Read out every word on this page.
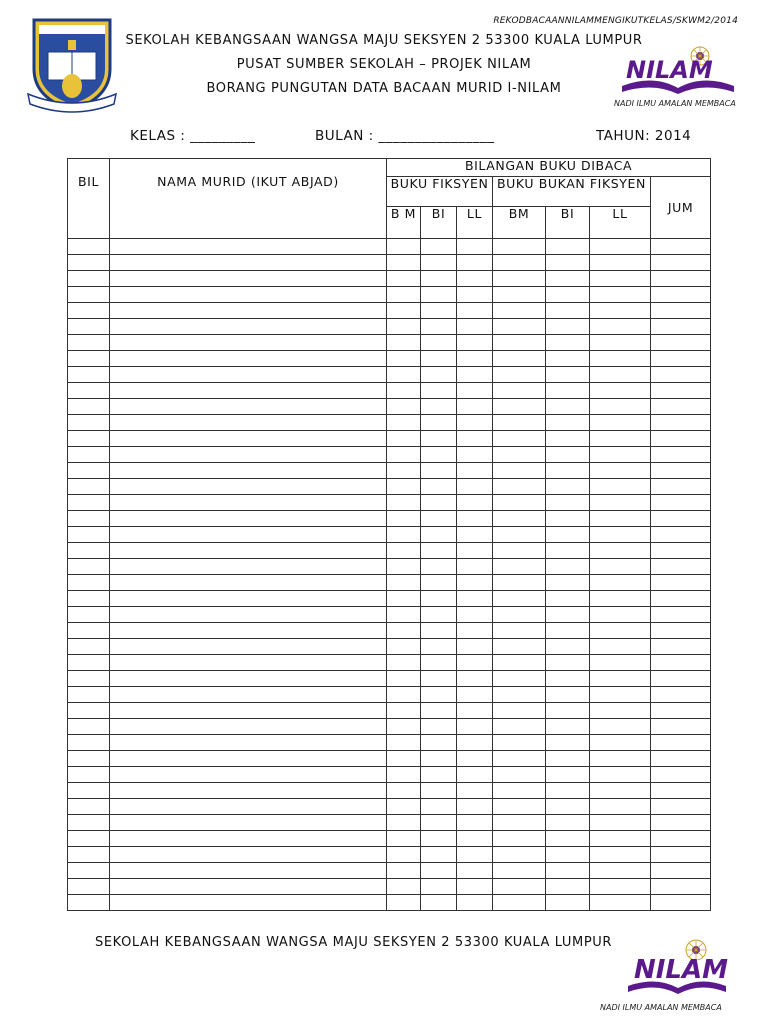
REKODBACAANNILAMMENGIKUTKELAS/SKWM2/2014
SEKOLAH KEBANGSAAN WANGSA MAJU SEKSYEN 2 53300 KUALA LUMPUR
PUSAT SUMBER SEKOLAH – PROJEK NILAM
BORANG PUNGUTAN DATA BACAAN MURID I-NILAM
NILAM
NADI ILMU AMALAN MEMBACA
KELAS : _________	BULAN : ________________	TAHUN: 2014
BIL	NAMA MURID (IKUT ABJAD)	BILANGAN BUKU DIBACA						
		BUKU FIKSYEN			BUKU BUKAN FIKSYEN			JUM
		B M	BI	LL	BM	BI	LL	

SEKOLAH KEBANGSAAN WANGSA MAJU SEKSYEN 2 53300 KUALA LUMPUR
NILAM
NADI ILMU AMALAN MEMBACA
